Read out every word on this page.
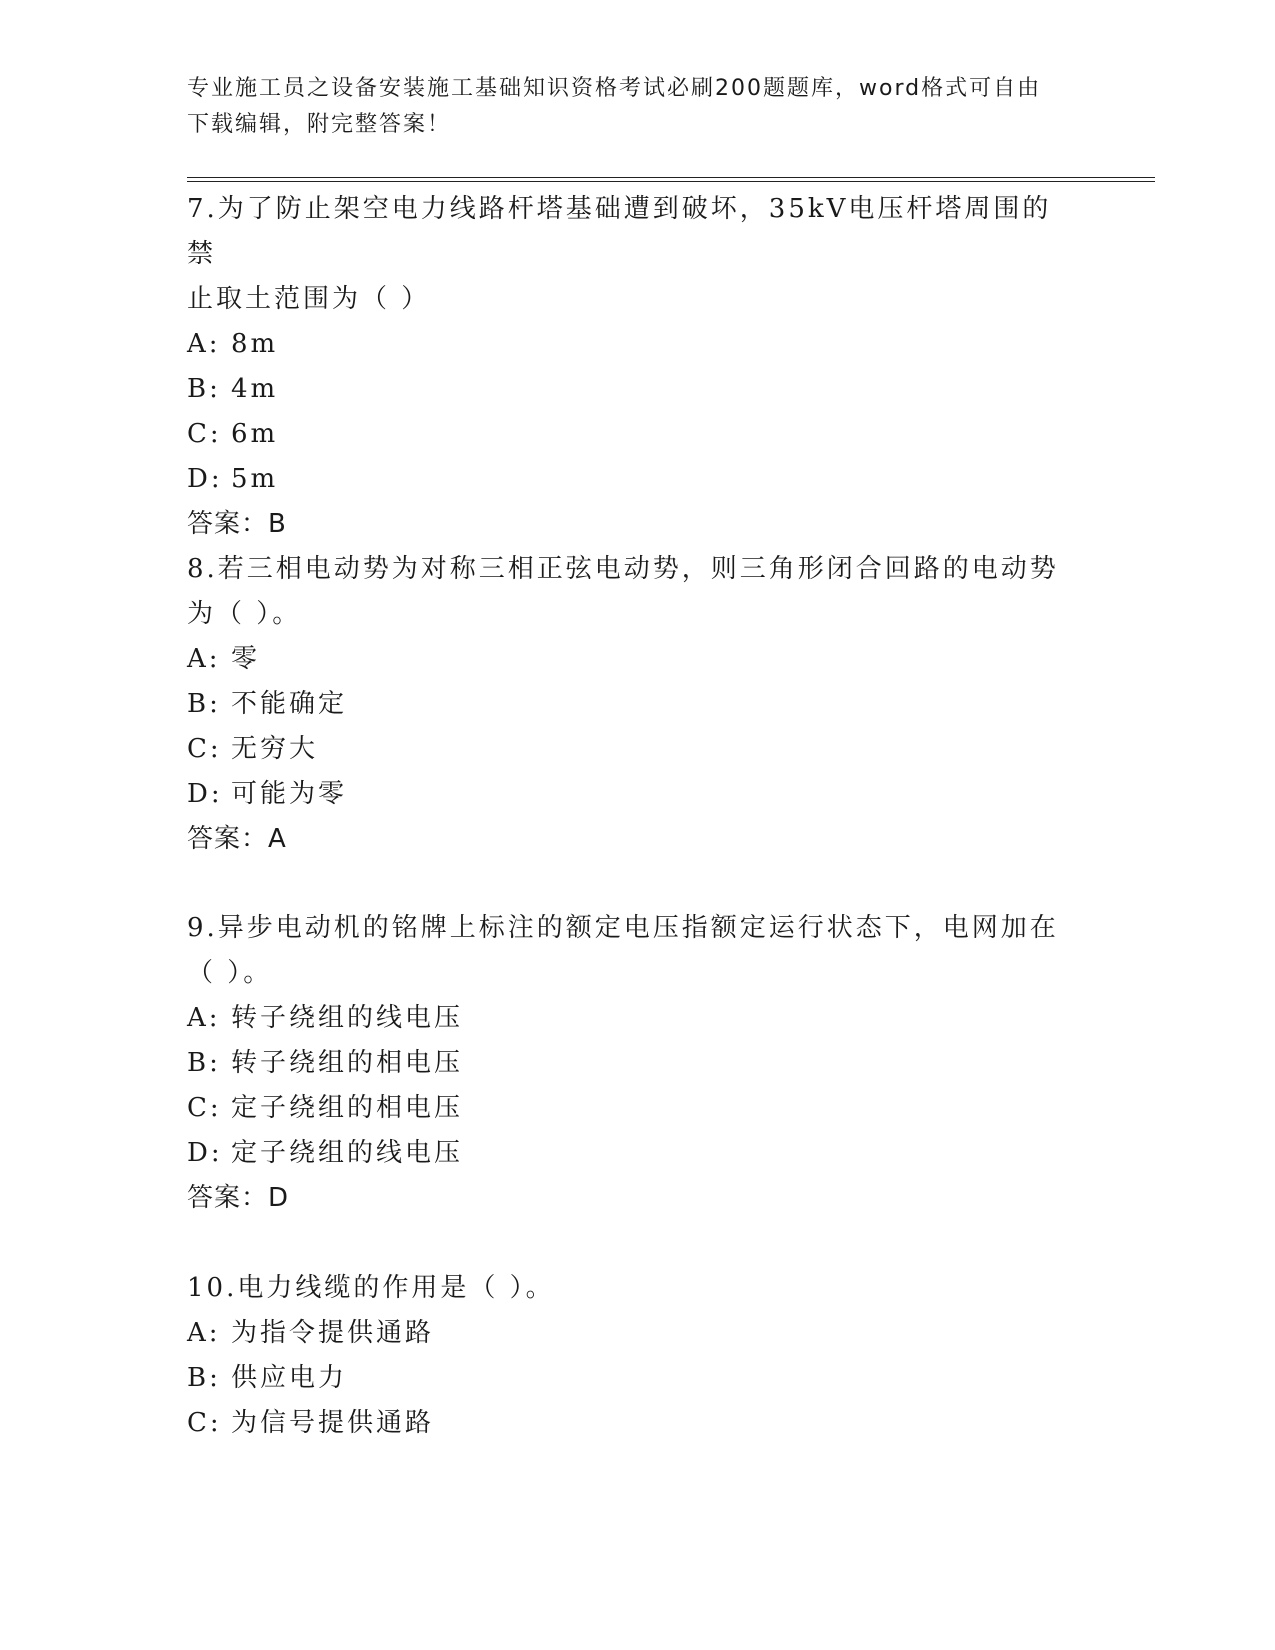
专业施工员之设备安装施工基础知识资格考试必刷200题题库，word格式可自由
下载编辑，附完整答案！
7.为了防止架空电力线路杆塔基础遭到破坏，35kV电压杆塔周围的禁
止取土范围为（ ）
A: 8m
B: 4m
C: 6m
D: 5m
答案：B
8.若三相电动势为对称三相正弦电动势，则三角形闭合回路的电动势
为（ ）。
A: 零
B: 不能确定
C: 无穷大
D: 可能为零
答案：A
9.异步电动机的铭牌上标注的额定电压指额定运行状态下，电网加在
（ ）。
A: 转子绕组的线电压
B: 转子绕组的相电压
C: 定子绕组的相电压
D: 定子绕组的线电压
答案：D
10.电力线缆的作用是（ ）。
A: 为指令提供通路
B: 供应电力
C: 为信号提供通路
